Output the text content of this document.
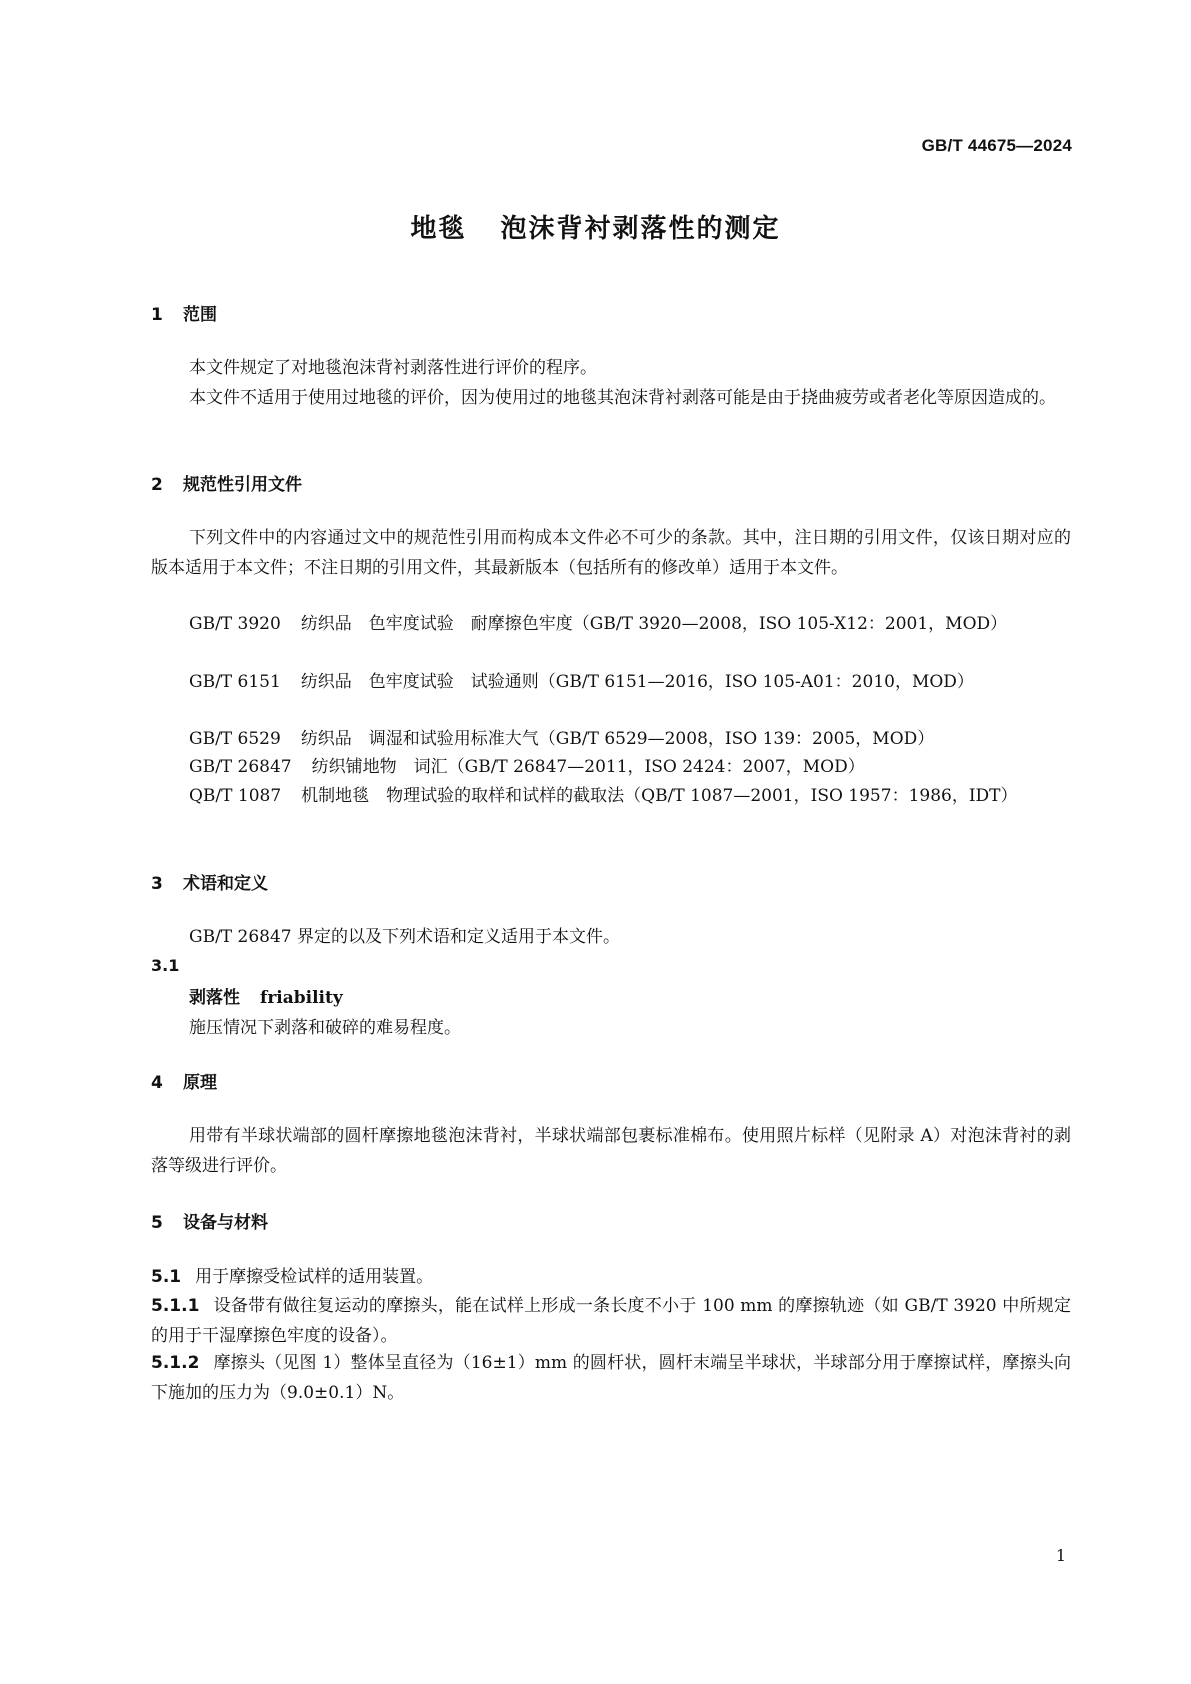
GB/T 44675—2024
地毯 泡沫背衬剥落性的测定
1 范围
本文件规定了对地毯泡沫背衬剥落性进行评价的程序。
本文件不适用于使用过地毯的评价，因为使用过的地毯其泡沫背衬剥落可能是由于挠曲疲劳或者老化等原因造成的。
2 规范性引用文件
下列文件中的内容通过文中的规范性引用而构成本文件必不可少的条款。其中，注日期的引用文件，仅该日期对应的版本适用于本文件；不注日期的引用文件，其最新版本（包括所有的修改单）适用于本文件。
GB/T 3920 纺织品　色牢度试验　耐摩擦色牢度（GB/T 3920—2008，ISO 105-X12：2001，MOD）
GB/T 6151 纺织品　色牢度试验　试验通则（GB/T 6151—2016，ISO 105-A01：2010，MOD）
GB/T 6529 纺织品　调湿和试验用标准大气（GB/T 6529—2008，ISO 139：2005，MOD）
GB/T 26847 纺织铺地物　词汇（GB/T 26847—2011，ISO 2424：2007，MOD）
QB/T 1087 机制地毯　物理试验的取样和试样的截取法（QB/T 1087—2001，ISO 1957：1986，IDT）
3 术语和定义
GB/T 26847 界定的以及下列术语和定义适用于本文件。
3.1
剥落性 friability
施压情况下剥落和破碎的难易程度。
4 原理
用带有半球状端部的圆杆摩擦地毯泡沫背衬，半球状端部包裹标准棉布。使用照片标样（见附录 A）对泡沫背衬的剥落等级进行评价。
5 设备与材料
5.1 用于摩擦受检试样的适用装置。
5.1.1 设备带有做往复运动的摩擦头，能在试样上形成一条长度不小于 100 mm 的摩擦轨迹（如 GB/T 3920 中所规定的用于干湿摩擦色牢度的设备）。
5.1.2 摩擦头（见图 1）整体呈直径为（16±1）mm 的圆杆状，圆杆末端呈半球状，半球部分用于摩擦试样，摩擦头向下施加的压力为（9.0±0.1）N。
1
